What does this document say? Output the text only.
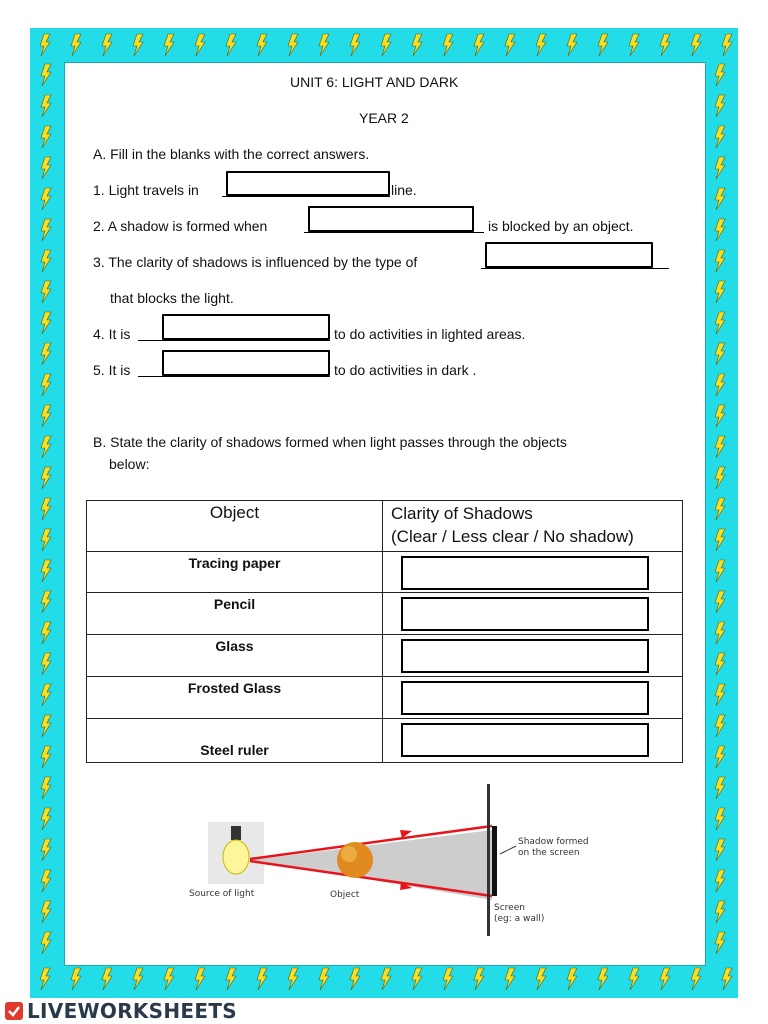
UNIT 6: LIGHT AND DARK
YEAR 2
A. Fill in the blanks with the correct answers.
1. Light travels in	line.
2. A shadow is formed when	is blocked by an object.
3. The clarity of shadows is influenced by the type of
that blocks the light.
4. It is	to do activities in lighted areas.
5. It is	to do activities in dark .
B. State the clarity of shadows formed when light passes through the objects
below:
Object	Clarity of Shadows
(Clear / Less clear / No shadow)

Tracing paper	

Pencil	

Glass	

Frosted Glass	

Steel ruler	
Shadow formed
on the screen
Screen
(eg: a wall)
Source of light	Object
LIVEWORKSHEETS
